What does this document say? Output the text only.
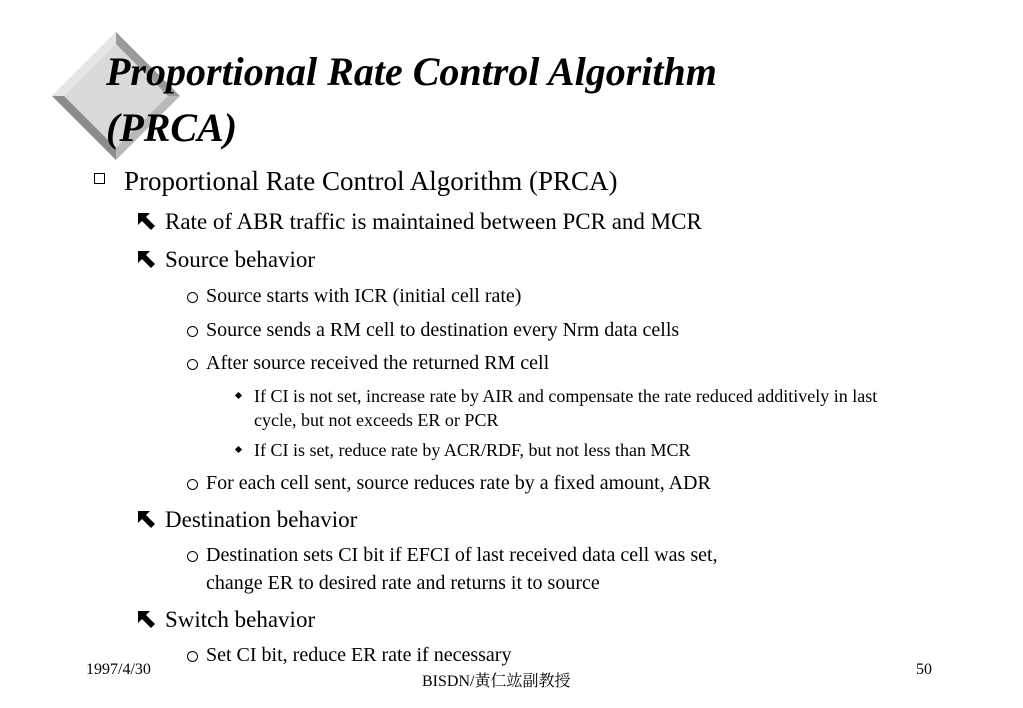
Proportional Rate Control Algorithm
(PRCA)
Proportional Rate Control Algorithm (PRCA)
Rate of ABR traffic is maintained between PCR and MCR
Source behavior
Source starts with ICR (initial cell rate)
Source sends a RM cell to destination every Nrm data cells
After source received the returned RM cell
If CI is not set, increase rate by AIR and compensate the rate reduced additively in last cycle, but not exceeds ER or PCR
If CI is set, reduce rate by ACR/RDF, but not less than MCR
For each cell sent, source reduces rate by a fixed amount, ADR
Destination behavior
Destination sets CI bit if EFCI of last received data cell was set,
change ER to desired rate and returns it to source
Switch behavior
Set CI bit, reduce ER rate if necessary
1997/4/30
BISDN/黃仁竑副教授
50
